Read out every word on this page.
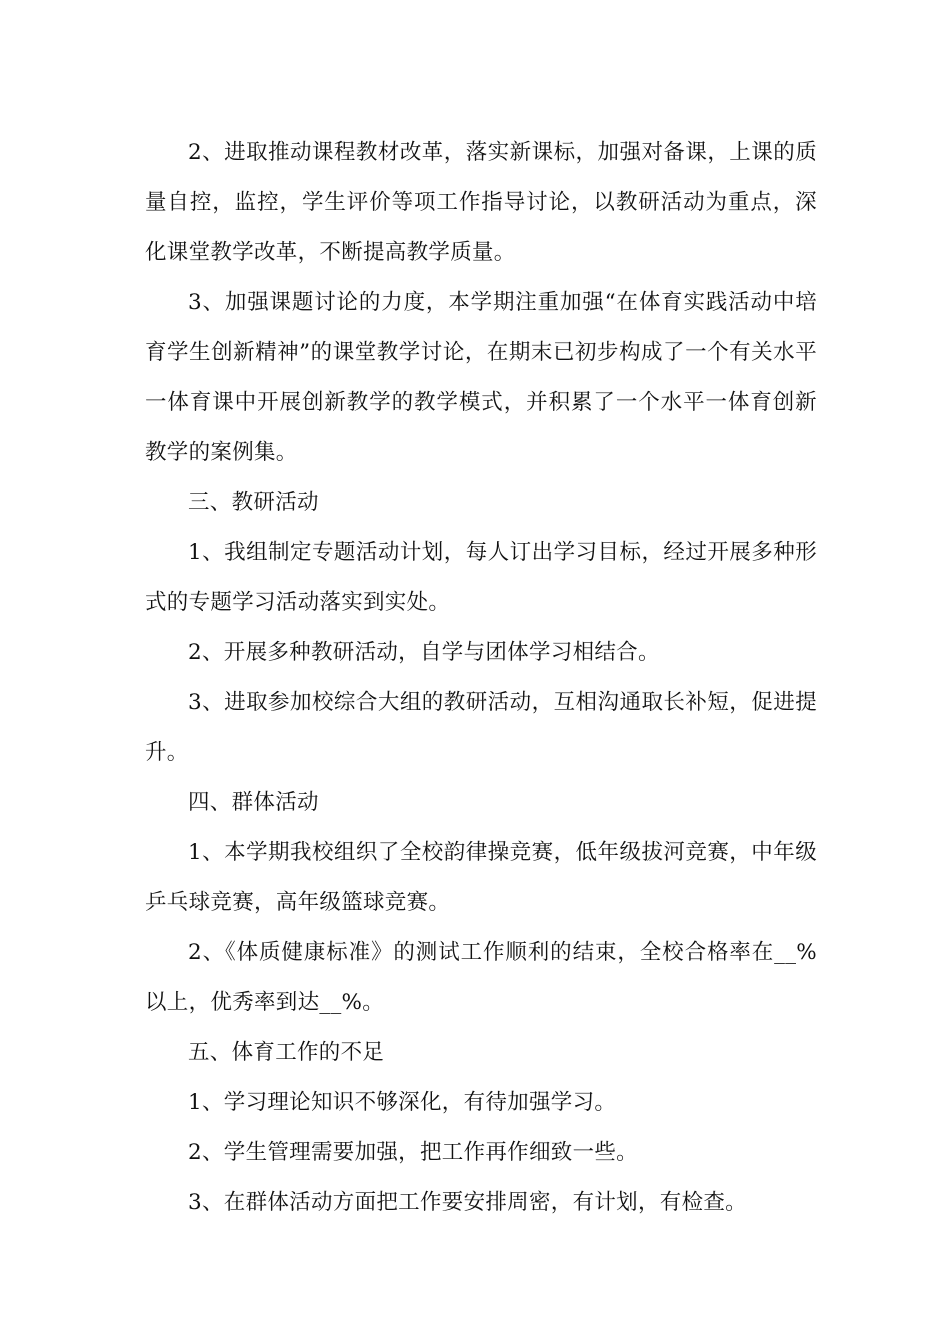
2、进取推动课程教材改革，落实新课标，加强对备课，上课的质量自控，监控，学生评价等项工作指导讨论，以教研活动为重点，深化课堂教学改革，不断提高教学质量。

3、加强课题讨论的力度，本学期注重加强“在体育实践活动中培育学生创新精神”的课堂教学讨论，在期末已初步构成了一个有关水平一体育课中开展创新教学的教学模式，并积累了一个水平一体育创新教学的案例集。

三、教研活动

1、我组制定专题活动计划，每人订出学习目标，经过开展多种形式的专题学习活动落实到实处。

2、开展多种教研活动，自学与团体学习相结合。

3、进取参加校综合大组的教研活动，互相沟通取长补短，促进提升。

四、群体活动

1、本学期我校组织了全校韵律操竞赛，低年级拔河竞赛，中年级乒乓球竞赛，高年级篮球竞赛。

2、《体质健康标准》的测试工作顺利的结束，全校合格率在__%以上，优秀率到达__%。

五、体育工作的不足

1、学习理论知识不够深化，有待加强学习。

2、学生管理需要加强，把工作再作细致一些。

3、在群体活动方面把工作要安排周密，有计划，有检查。
